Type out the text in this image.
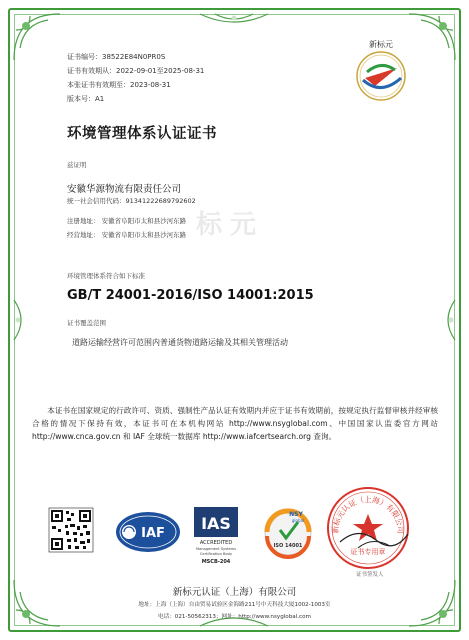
证书编号：38522E84N0PR0S
证书有效期从：2022-09-01至2025-08-31
本张证书有效期至：2023-08-31
版本号：A1
新标元
环境管理体系认证证书
兹证明
安徽华源物流有限责任公司
统一社会信用代码：91341222689792602
标元
注册地址： 安徽省阜阳市太和县沙河东路
经营地址： 安徽省阜阳市太和县沙河东路
环境管理体系符合如下标准
GB/T 24001-2016/ISO 14001:2015
证书覆盖范围
道路运输经营许可范围内普通货物道路运输及其相关管理活动
本证书在国家规定的行政许可、资质、强制性产品认证有效期内并应于证书有效期前，按规定执行监督审核并经审核合格的情况下保持有效，本证书可在本机构网站 http://www.nsyglobal.com、中国国家认监委官方网站 http://www.cnca.gov.cn 和 IAF 全球统一数据库 http://www.iafcertsearch.org 查询。
IAF
IAS
ACCREDITED
Management Systems
Certification Body
MSCB-204
NSY
global
ISO 14001
新标元认证（上海）有限公司
证书专用章
证书签发人
新标元认证（上海）有限公司
地址：上海（上海）自由贸易试验区金海路211号中天科技大厦1002-1003室
电话：021-50562313；网址：http://www.nsyglobal.com
